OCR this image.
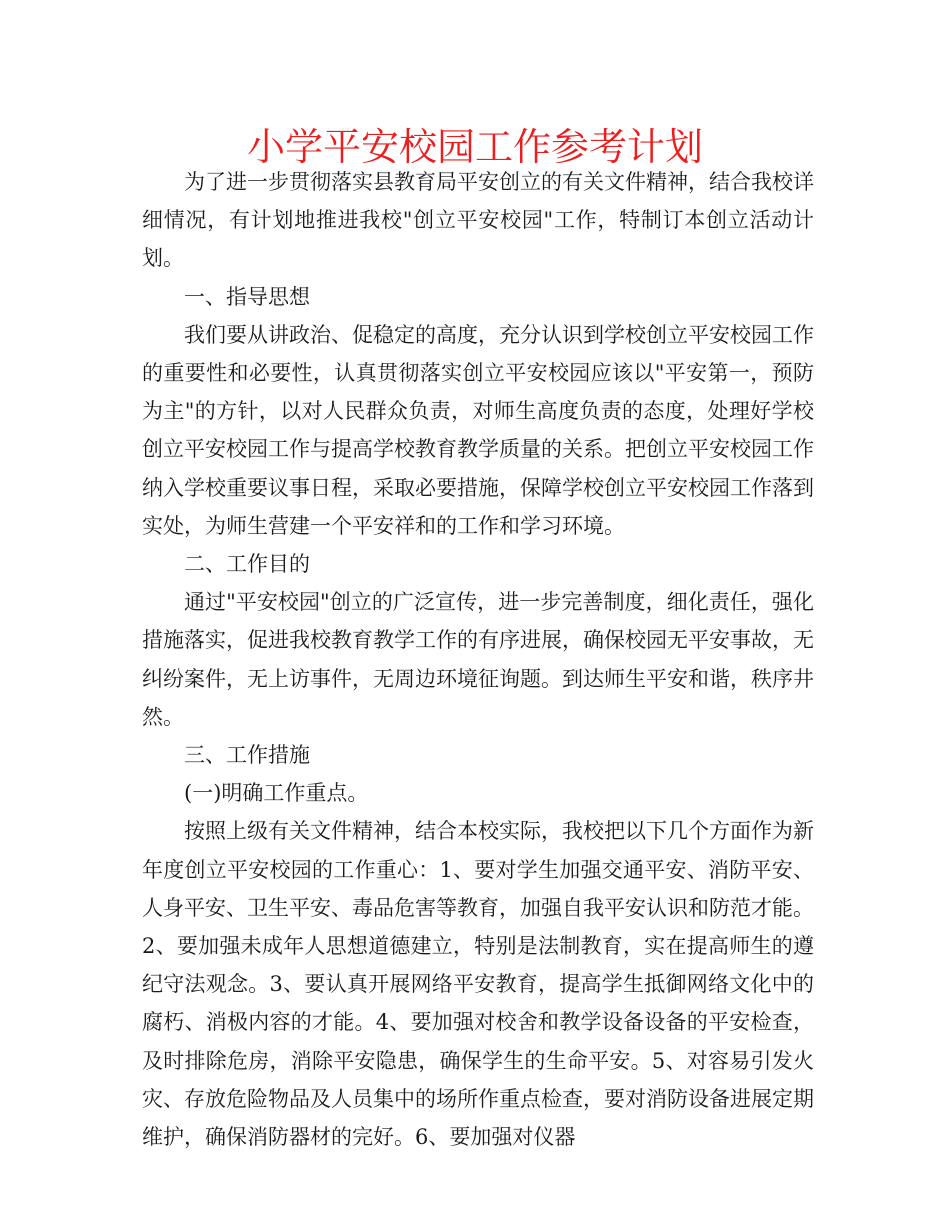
小学平安校园工作参考计划

为了进一步贯彻落实县教育局平安创立的有关文件精神，结合我校详细情况，有计划地推进我校"创立平安校园"工作，特制订本创立活动计划。

一、指导思想

我们要从讲政治、促稳定的高度，充分认识到学校创立平安校园工作的重要性和必要性，认真贯彻落实创立平安校园应该以"平安第一，预防为主"的方针，以对人民群众负责，对师生高度负责的态度，处理好学校创立平安校园工作与提高学校教育教学质量的关系。把创立平安校园工作纳入学校重要议事日程，采取必要措施，保障学校创立平安校园工作落到实处，为师生营建一个平安祥和的工作和学习环境。

二、工作目的

通过"平安校园"创立的广泛宣传，进一步完善制度，细化责任，强化措施落实，促进我校教育教学工作的有序进展，确保校园无平安事故，无纠纷案件，无上访事件，无周边环境征询题。到达师生平安和谐，秩序井然。

三、工作措施

(一)明确工作重点。

按照上级有关文件精神，结合本校实际，我校把以下几个方面作为新年度创立平安校园的工作重心：1、要对学生加强交通平安、消防平安、人身平安、卫生平安、毒品危害等教育，加强自我平安认识和防范才能。2、要加强未成年人思想道德建立，特别是法制教育，实在提高师生的遵纪守法观念。3、要认真开展网络平安教育，提高学生抵御网络文化中的腐朽、消极内容的才能。4、要加强对校舍和教学设备设备的平安检查，及时排除危房，消除平安隐患，确保学生的生命平安。5、对容易引发火灾、存放危险物品及人员集中的场所作重点检查，要对消防设备进展定期维护，确保消防器材的完好。6、要加强对仪器
